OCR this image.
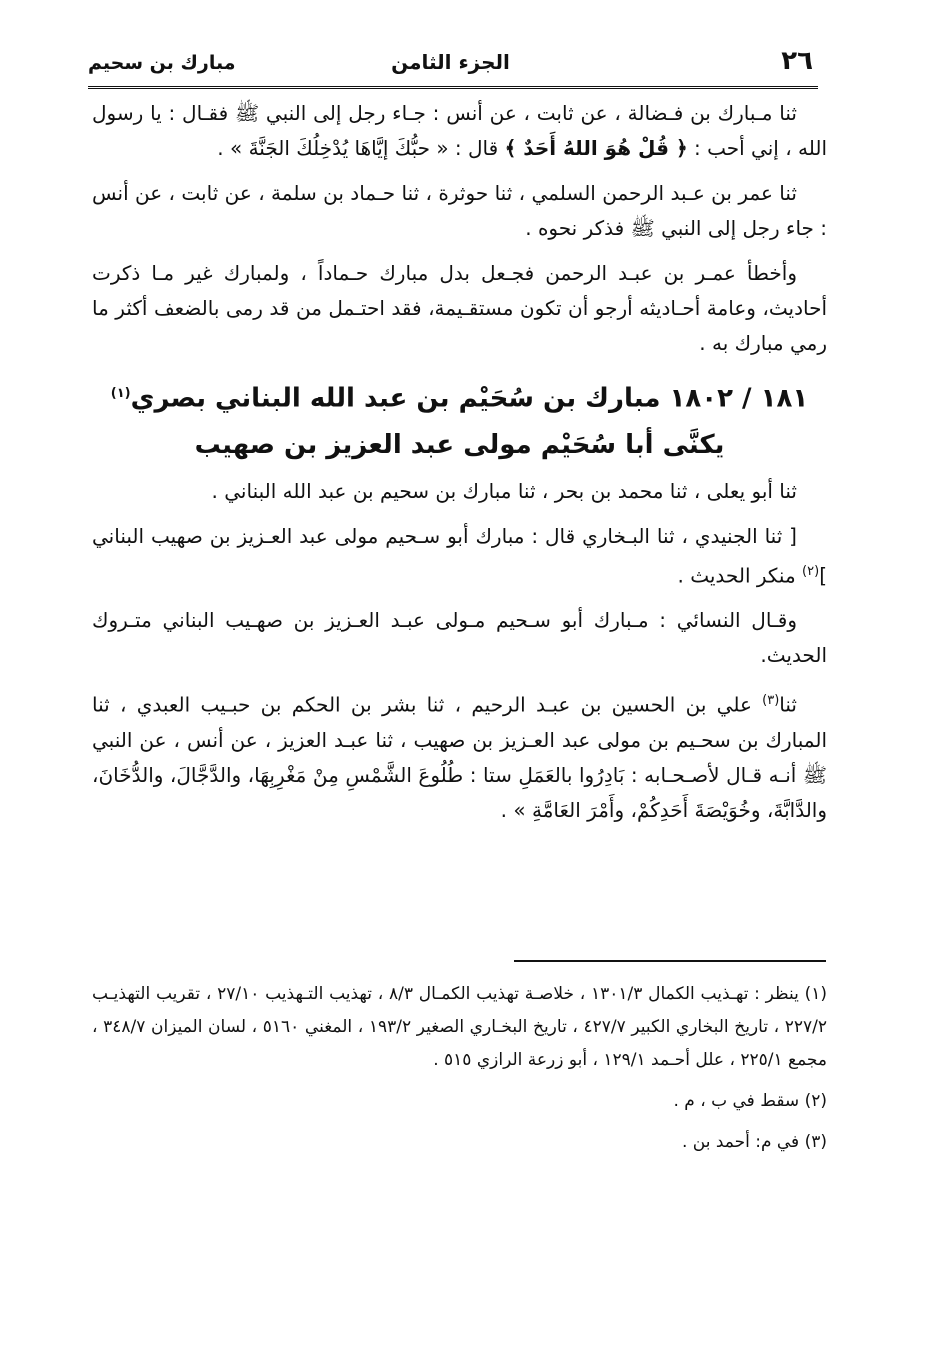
٢٦
الجزء الثامن
مبارك بن سحيم

ثنا مـبارك بن فـضالة ، عن ثابت ، عن أنس : جـاء رجل إلى النبي ﷺ فقـال : يا رسول الله ، إني أحب : ﴿ قُلْ هُوَ اللهُ أَحَدٌ ﴾ قال : « حبُّكَ إيَّاهَا يُدْخِلُكَ الجَنَّةَ » .

ثنا عمر بن عـبد الرحمن السلمي ، ثنا حوثرة ، ثنا حـماد بن سلمة ، عن ثابت ، عن أنس : جاء رجل إلى النبي ﷺ فذكر نحوه .

وأخطأ عمـر بن عبـد الرحمن فجـعل بدل مبارك حـماداً ، ولمبارك غير مـا ذكرت أحاديث، وعامة أحـاديثه أرجو أن تكون مستقـيمة، فقد احتـمل من قد رمى بالضعف أكثر ما رمي مبارك به .

١٨١ / ١٨٠٢ مبارك بن سُحَيْم بن عبد الله البناني بصري$^{(١)}$
يكنَّى أبا سُحَيْم مولى عبد العزيز بن صهيب

ثنا أبو يعلى ، ثنا محمد بن بحر ، ثنا مبارك بن سحيم بن عبد الله البناني .

[ ثنا الجنيدي ، ثنا البـخاري قال : مبارك أبو سـحيم مولى عبد العـزيز بن صهيب البناني ]$^{(٢)}$ منكر الحديث .

وقـال النسائي : مـبارك أبو سـحيم مـولى عبـد العـزيز بن صهـيب البناني متـروك الحديث.

ثنا$^{(٣)}$ علي بن الحسين بن عبـد الرحيم ، ثنا بشر بن الحكم بن حبـيب العبدي ، ثنا المبارك بن سحـيم بن مولى عبد العـزيز بن صهيب ، ثنا عبـد العزيز ، عن أنس ، عن النبي ﷺ أنـه قـال لأصـحـابه : بَادِرُوا بالعَمَلِ ستا : طُلُوعَ الشَّمْسِ مِنْ مَغْرِبِهَا، والدَّجَّالَ، والدُّخَانَ، والدَّابَّةَ، وخُوَيْصَةَ أَحَدِكُمْ، وأَمْرَ العَامَّةِ » .

(١) ينظر : تهـذيب الكمال ١٣٠١/٣ ، خلاصـة تهذيب الكمـال ٨/٣ ، تهذيب التـهذيب ٢٧/١٠ ، تقريب التهذيـب ٢٢٧/٢ ، تاريخ البخاري الكبير ٤٢٧/٧ ، تاريخ البخـاري الصغير ١٩٣/٢ ، المغني ٥١٦٠ ، لسان الميزان ٣٤٨/٧ ، مجمع ٢٢٥/١ ، علل أحـمد ١٢٩/١ ، أبو زرعة الرازي ٥١٥ .

(٢) سقط في ب ، م .

(٣) في م: أحمد بن .
